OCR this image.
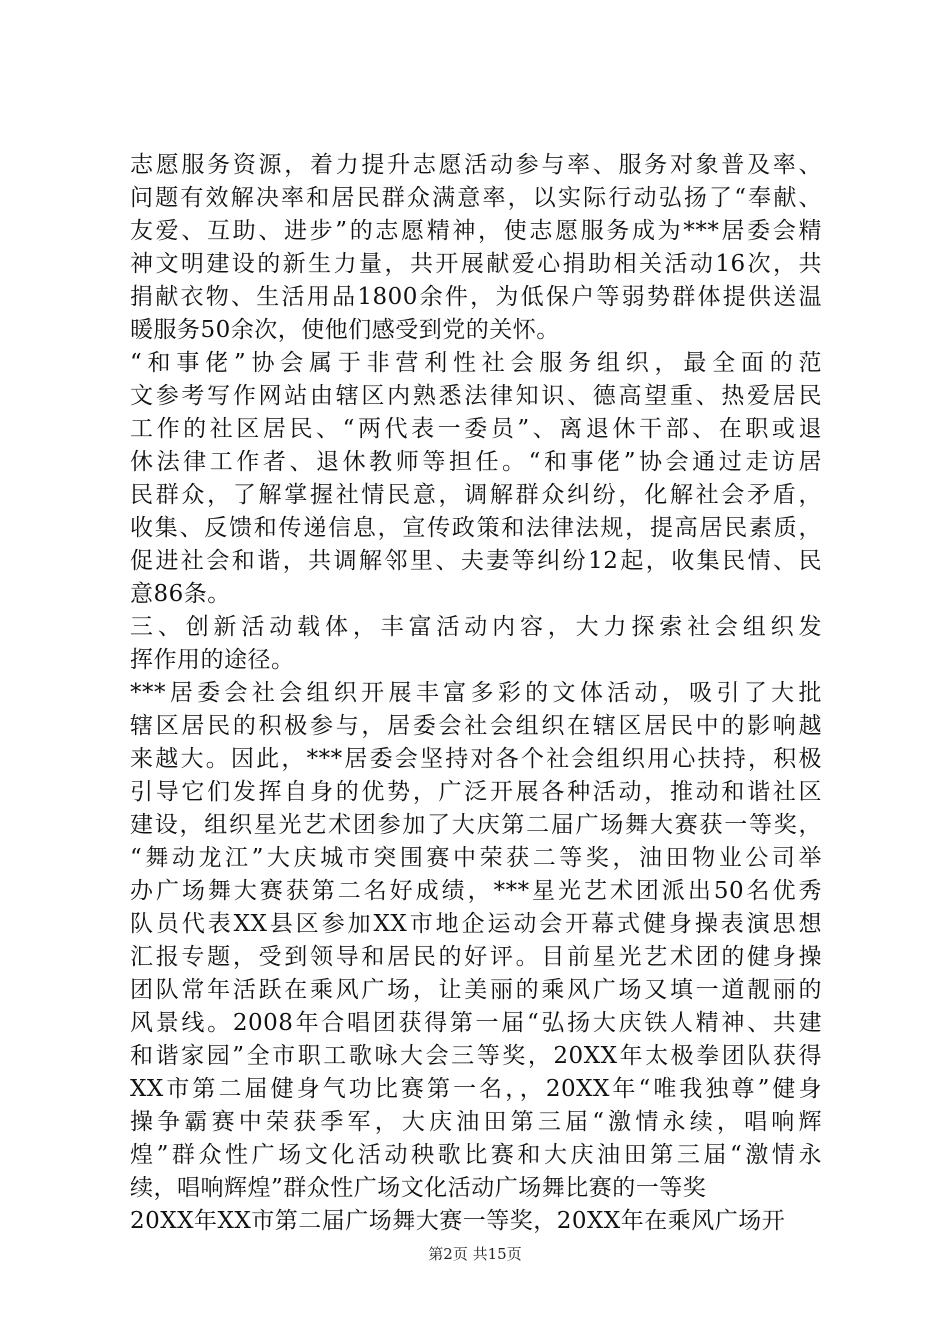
志愿服务资源，着力提升志愿活动参与率、服务对象普及率、
问题有效解决率和居民群众满意率，以实际行动弘扬了“奉献、
友爱、互助、进步”的志愿精神，使志愿服务成为***居委会精
神文明建设的新生力量，共开展献爱心捐助相关活动16次，共
捐献衣物、生活用品1800余件，为低保户等弱势群体提供送温
暖服务50余次，使他们感受到党的关怀。
“和事佬”协会属于非营利性社会服务组织，最全面的范
文参考写作网站由辖区内熟悉法律知识、德高望重、热爱居民
工作的社区居民、“两代表一委员”、离退休干部、在职或退
休法律工作者、退休教师等担任。“和事佬”协会通过走访居
民群众，了解掌握社情民意，调解群众纠纷，化解社会矛盾，
收集、反馈和传递信息，宣传政策和法律法规，提高居民素质，
促进社会和谐，共调解邻里、夫妻等纠纷12起，收集民情、民
意86条。
三、创新活动载体，丰富活动内容，大力探索社会组织发
挥作用的途径。
***居委会社会组织开展丰富多彩的文体活动，吸引了大批
辖区居民的积极参与，居委会社会组织在辖区居民中的影响越
来越大。因此，***居委会坚持对各个社会组织用心扶持，积极
引导它们发挥自身的优势，广泛开展各种活动，推动和谐社区
建设，组织星光艺术团参加了大庆第二届广场舞大赛获一等奖，
“舞动龙江”大庆城市突围赛中荣获二等奖，油田物业公司举
办广场舞大赛获第二名好成绩，***星光艺术团派出50名优秀
队员代表XX县区参加XX市地企运动会开幕式健身操表演思想
汇报专题，受到领导和居民的好评。目前星光艺术团的健身操
团队常年活跃在乘风广场，让美丽的乘风广场又填一道靓丽的
风景线。2008年合唱团获得第一届“弘扬大庆铁人精神、共建
和谐家园”全市职工歌咏大会三等奖，20XX年太极拳团队获得
XX市第二届健身气功比赛第一名，，20XX年“唯我独尊”健身
操争霸赛中荣获季军，大庆油田第三届“激情永续，唱响辉
煌”群众性广场文化活动秧歌比赛和大庆油田第三届“激情永
续，唱响辉煌”群众性广场文化活动广场舞比赛的一等奖
20XX年XX市第二届广场舞大赛一等奖，20XX年在乘风广场开
第2页 共15页
